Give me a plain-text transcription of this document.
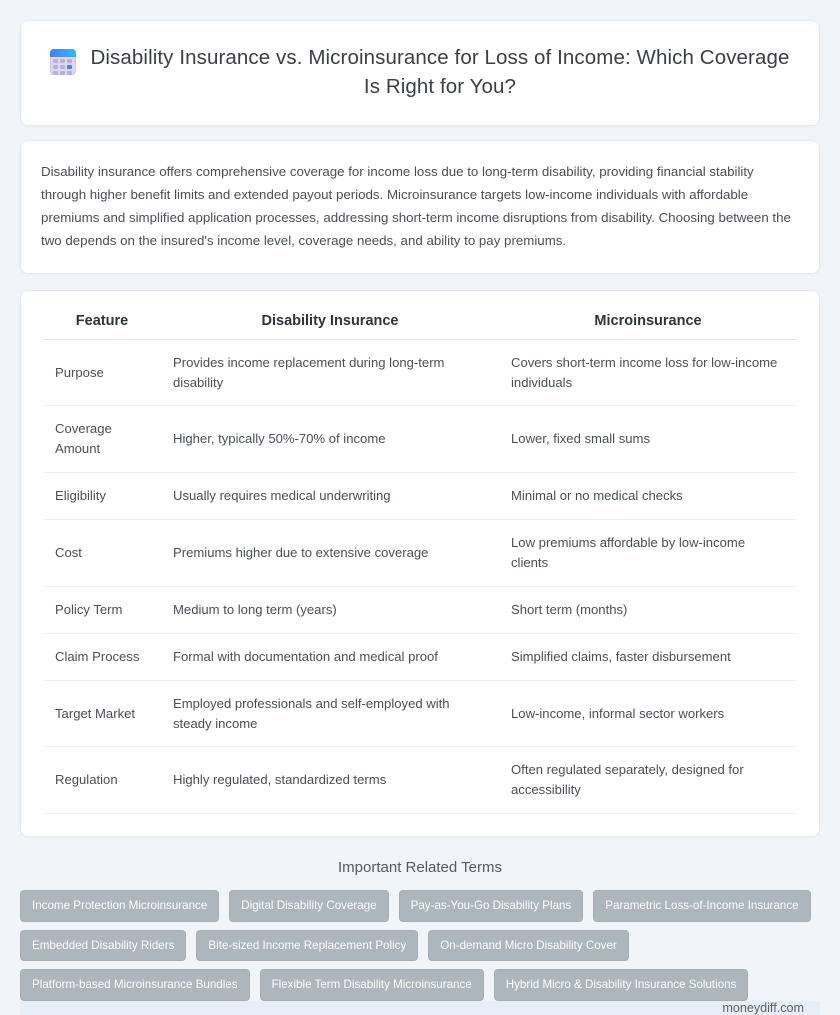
Disability Insurance vs. Microinsurance for Loss of Income: Which Coverage Is Right for You?

Disability insurance offers comprehensive coverage for income loss due to long-term disability, providing financial stability through higher benefit limits and extended payout periods. Microinsurance targets low-income individuals with affordable premiums and simplified application processes, addressing short-term income disruptions from disability. Choosing between the two depends on the insured's income level, coverage needs, and ability to pay premiums.

Feature	Disability Insurance	Microinsurance
Purpose	Provides income replacement during long-term disability	Covers short-term income loss for low-income individuals
Coverage Amount	Higher, typically 50%-70% of income	Lower, fixed small sums
Eligibility	Usually requires medical underwriting	Minimal or no medical checks
Cost	Premiums higher due to extensive coverage	Low premiums affordable by low-income clients
Policy Term	Medium to long term (years)	Short term (months)
Claim Process	Formal with documentation and medical proof	Simplified claims, faster disbursement
Target Market	Employed professionals and self-employed with steady income	Low-income, informal sector workers
Regulation	Highly regulated, standardized terms	Often regulated separately, designed for accessibility
Important Related Terms
Income Protection Microinsurance	Digital Disability Coverage	Pay-as-You-Go Disability Plans	Parametric Loss-of-Income Insurance
Embedded Disability Riders	Bite-sized Income Replacement Policy	On-demand Micro Disability Cover
Platform-based Microinsurance Bundles	Flexible Term Disability Microinsurance	Hybrid Micro & Disability Insurance Solutions
moneydiff.com
